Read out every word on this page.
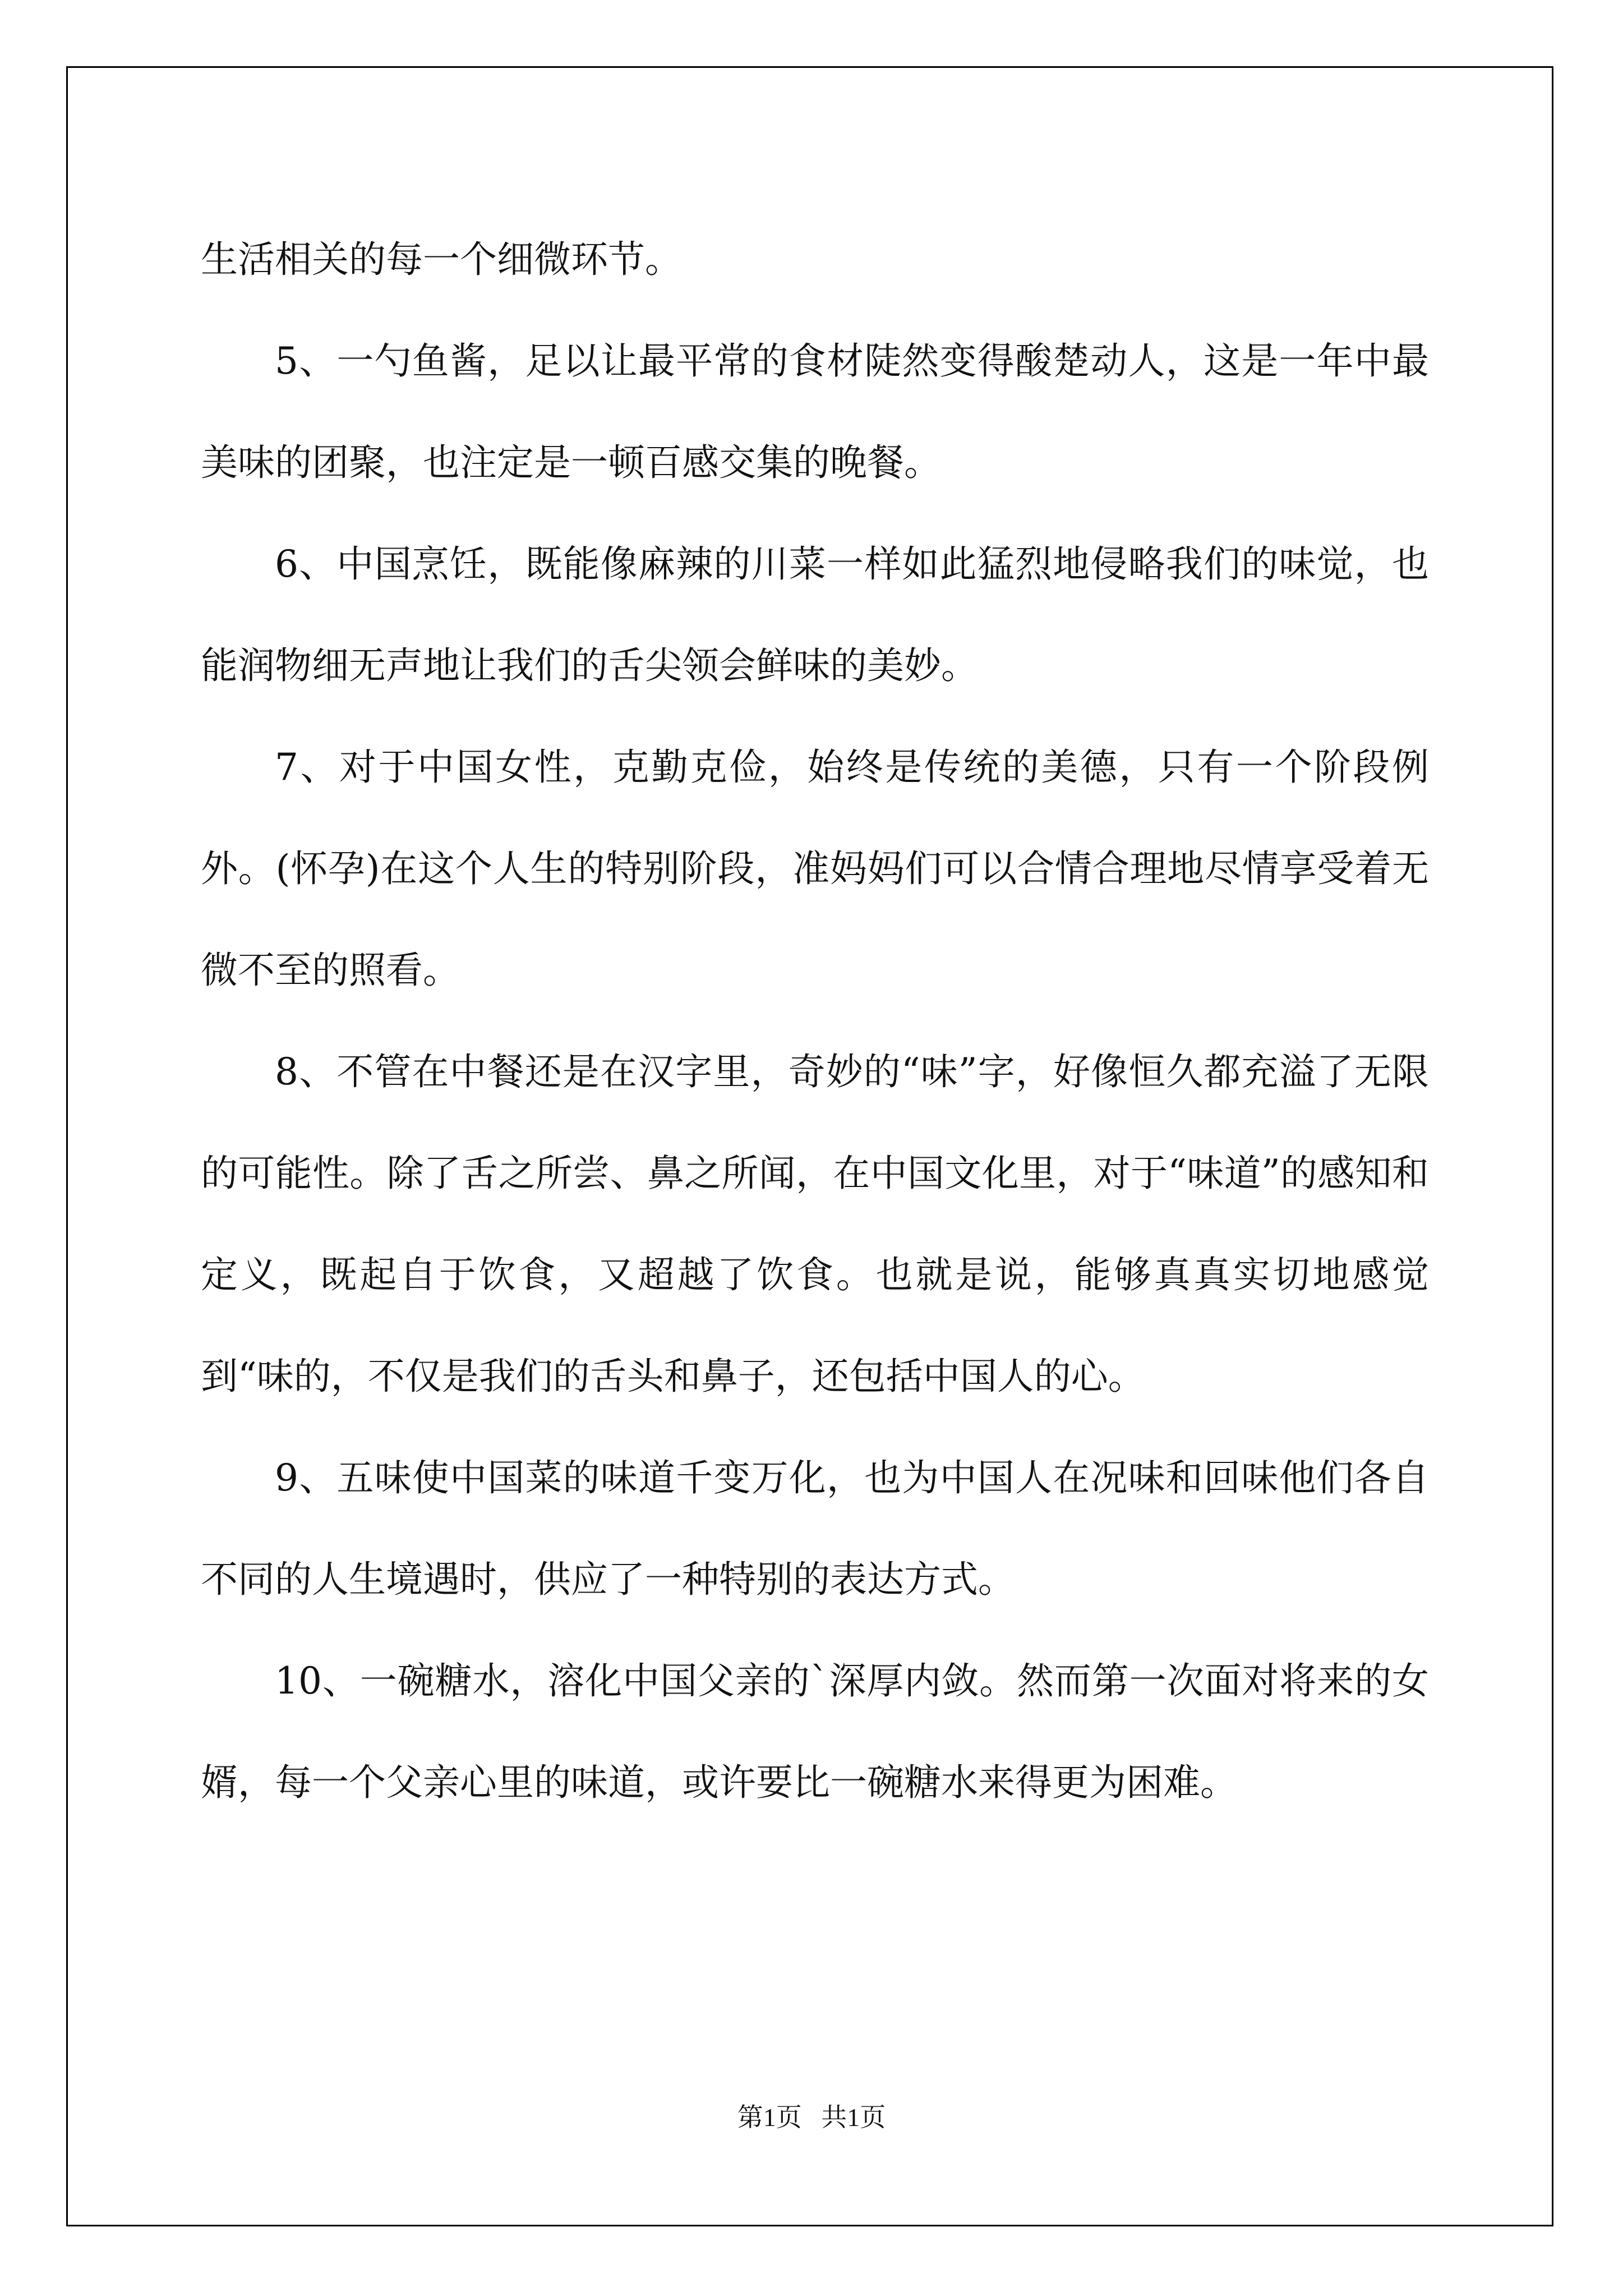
生活相关的每一个细微环节。

5、一勺鱼酱，足以让最平常的食材陡然变得酸楚动人，这是一年中最美味的团聚，也注定是一顿百感交集的晚餐。

6、中国烹饪，既能像麻辣的川菜一样如此猛烈地侵略我们的味觉，也能润物细无声地让我们的舌尖领会鲜味的美妙。

7、对于中国女性，克勤克俭，始终是传统的美德，只有一个阶段例外。(怀孕)在这个人生的特别阶段，准妈妈们可以合情合理地尽情享受着无微不至的照看。

8、不管在中餐还是在汉字里，奇妙的“味”字，好像恒久都充溢了无限的可能性。除了舌之所尝、鼻之所闻，在中国文化里，对于“味道”的感知和定义，既起自于饮食，又超越了饮食。也就是说，能够真真实切地感觉到“味的，不仅是我们的舌头和鼻子，还包括中国人的心。

9、五味使中国菜的味道千变万化，也为中国人在况味和回味他们各自不同的人生境遇时，供应了一种特别的表达方式。

10、一碗糖水，溶化中国父亲的`深厚内敛。然而第一次面对将来的女婿，每一个父亲心里的味道，或许要比一碗糖水来得更为困难。

第1页   共1页
